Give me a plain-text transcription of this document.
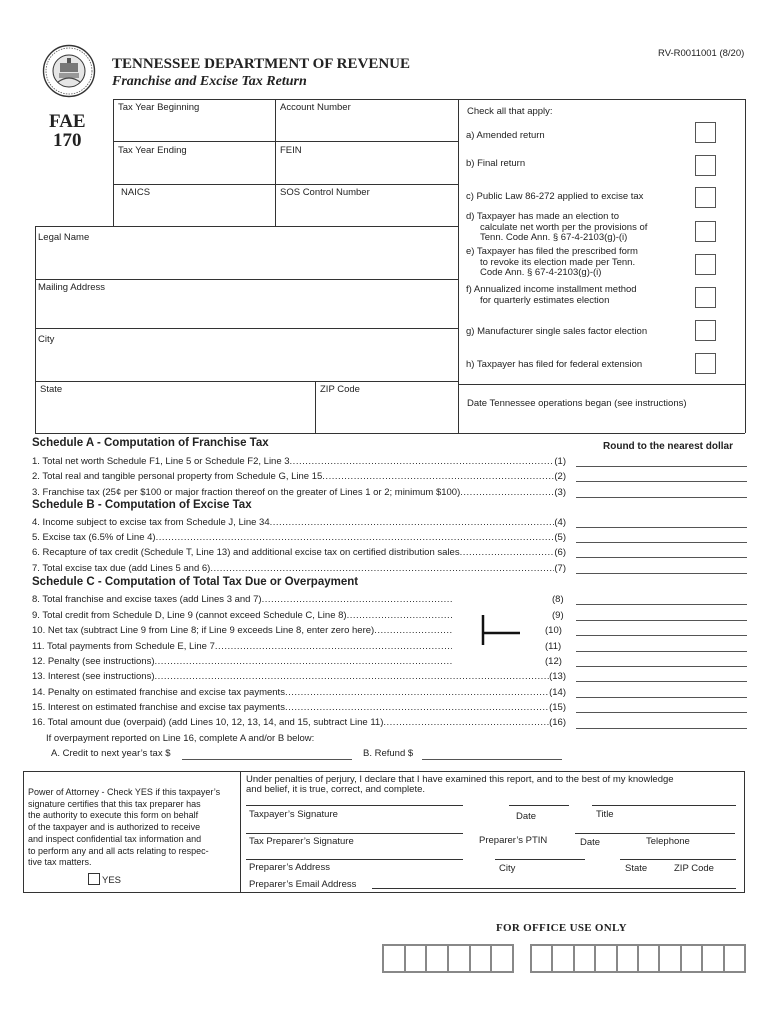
RV-R0011001 (8/20)
TENNESSEE DEPARTMENT OF REVENUE
Franchise and Excise Tax Return
FAE
170
Tax Year Beginning	Account Number
Tax Year Ending	FEIN
NAICS	SOS Control Number
Legal Name
Mailing Address
City
State	ZIP Code
Check all that apply:
a) Amended return
b) Final return
c) Public Law 86-272 applied to excise tax
d) Taxpayer has made an election to
calculate net worth per the provisions of
Tenn. Code Ann. § 67-4-2103(g)-(i)
e) Taxpayer has filed the prescribed form
to revoke its election made per Tenn.
Code Ann. § 67-4-2103(g)-(i)
f) Annualized income installment method
for quarterly estimates election
g) Manufacturer single sales factor election
h) Taxpayer has filed for federal extension
Date Tennessee operations began (see instructions)
Schedule A - Computation of Franchise Tax	Round to the nearest dollar
1. Total net worth Schedule F1, Line 5 or Schedule F2, Line 3 .....	(1)
2. Total real and tangible personal property from Schedule G, Line 15 .....	(2)
3. Franchise tax (25¢ per $100 or major fraction thereof on the greater of Lines 1 or 2; minimum $100) .....	(3)
Schedule B - Computation of Excise Tax
4. Income subject to excise tax from Schedule J, Line 34 .....	(4)
5. Excise tax (6.5% of Line 4) .....	(5)
6. Recapture of tax credit (Schedule T, Line 13) and additional excise tax on certified distribution sales .....	(6)
7. Total excise tax due (add Lines 5 and 6) .....	(7)
Schedule C - Computation of Total Tax Due or Overpayment
8. Total franchise and excise taxes (add Lines 3 and 7) .....	(8)
9. Total credit from Schedule D, Line 9 (cannot exceed Schedule C, Line 8) .....	(9)
10. Net tax (subtract Line 9 from Line 8; if Line 9 exceeds Line 8, enter zero here) .....	(10)
11. Total payments from Schedule E, Line 7 .....	(11)
12. Penalty (see instructions) .....	(12)
13. Interest (see instructions) .....	(13)
14. Penalty on estimated franchise and excise tax payments .....	(14)
15. Interest on estimated franchise and excise tax payments .....	(15)
16. Total amount due (overpaid) (add Lines 10, 12, 13, 14, and 15, subtract Line 11) .....	(16)
If overpayment reported on Line 16, complete A and/or B below:
A. Credit to next year’s tax $	B. Refund $
Power of Attorney - Check YES if this taxpayer’s
signature certifies that this tax preparer has
the authority to execute this form on behalf
of the taxpayer and is authorized to receive
and inspect confidential tax information and
to perform any and all acts relating to respec-
tive tax matters.
YES
Under penalties of perjury, I declare that I have examined this report, and to the best of my knowledge
and belief, it is true, correct, and complete.
Taxpayer’s Signature	Date	Title
Tax Preparer’s Signature	Preparer’s PTIN	Date	Telephone
Preparer’s Address	City	State	ZIP Code
Preparer’s Email Address
FOR OFFICE USE ONLY
